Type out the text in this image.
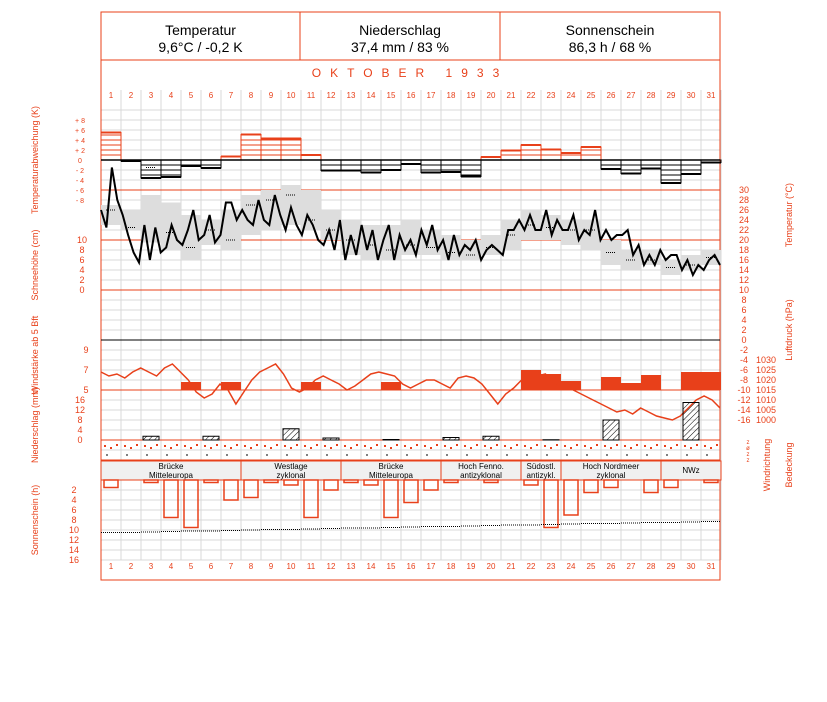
Temperatur
9,6°C / -0,2 K
Niederschlag
37,4 mm / 83 %
Sonnenschein
86,3 h / 68 %
OKTOBER 1933
1
1
2
2
3
3
4
4
5
5
6
6
7
7
8
8
9
9
10
10
11
11
12
12
13
13
14
14
15
15
16
16
17
17
18
18
19
19
20
20
21
21
22
22
23
23
24
24
25
25
26
26
27
27
28
28
29
29
30
30
31
31
+ 8
+ 6
+ 4
+ 2
0
- 2
- 4
- 6
- 8
Temperaturabweichung (K)	30
28
26
24
22
20
18
16
14
12
10
8
6
4
2
0
-2
-4
-6
-8
-10
-12
-14
-16
10
8
6
4
2
0
Schneehöhe (cm)
Temperatur (°C)
9
7
5
Windstärke ab 5 Bft	1030
1025
1020
1015
1010
1005
1000
Luftdruck (hPa)
16
12
8
4
0
Niederschlag (mm)	z
ø
z
z Windrichtung Bedeckung
Brücke
Mitteleuropa
Westlage
zyklonal
Brücke
Mitteleuropa
Hoch Fenno.
antizyklonal
Südostl.
antizykl.
Hoch Nordmeer
zyklonal
NWz
2
4
6
8
10
12
14
16
Sonnenschein (h)
